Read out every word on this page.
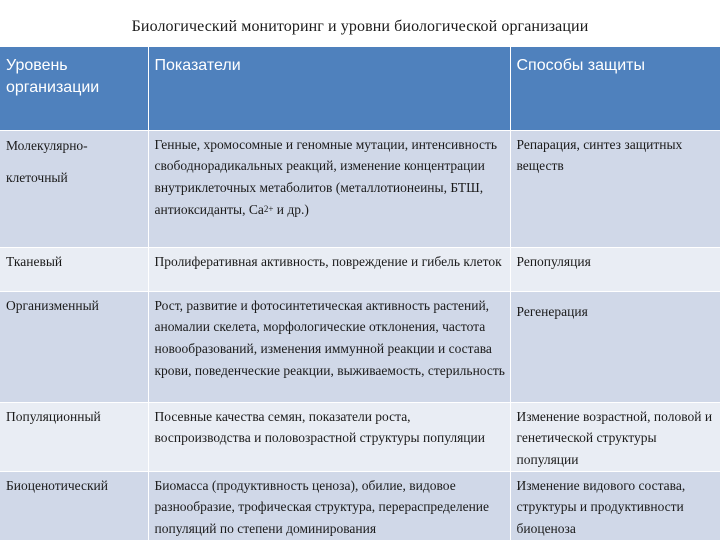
Биологический мониторинг и уровни биологической организации
Уровень организации	Показатели	Способы защиты

Молекулярно-клеточный	Генные, хромосомные и геномные мутации, интенсивность свободнорадикальных реакций, изменение концентрации внутриклеточных метаболитов (металлотионеины, БТШ, антиоксиданты, $Са^{2+}$ и др.)	Репарация, синтез защитных веществ
Тканевый	Пролиферативная активность, повреждение и гибель клеток	Репопуляция
Организменный	Рост, развитие и фотосинтетическая активность растений, аномалии скелета, морфологические отклонения, частота новообразований, изменения иммунной реакции и состава крови, поведенческие реакции, выживаемость, стерильность	Регенерация
Популяционный	Посевные качества семян, показатели роста, воспроизводства и половозрастной структуры популяции	Изменение возрастной, половой и генетической структуры популяции
Биоценотический	Биомасса (продуктивность ценоза), обилие, видовое разнообразие, трофическая структура, перераспределение популяций по степени доминирования	Изменение видового состава, структуры и продуктивности биоценоза
